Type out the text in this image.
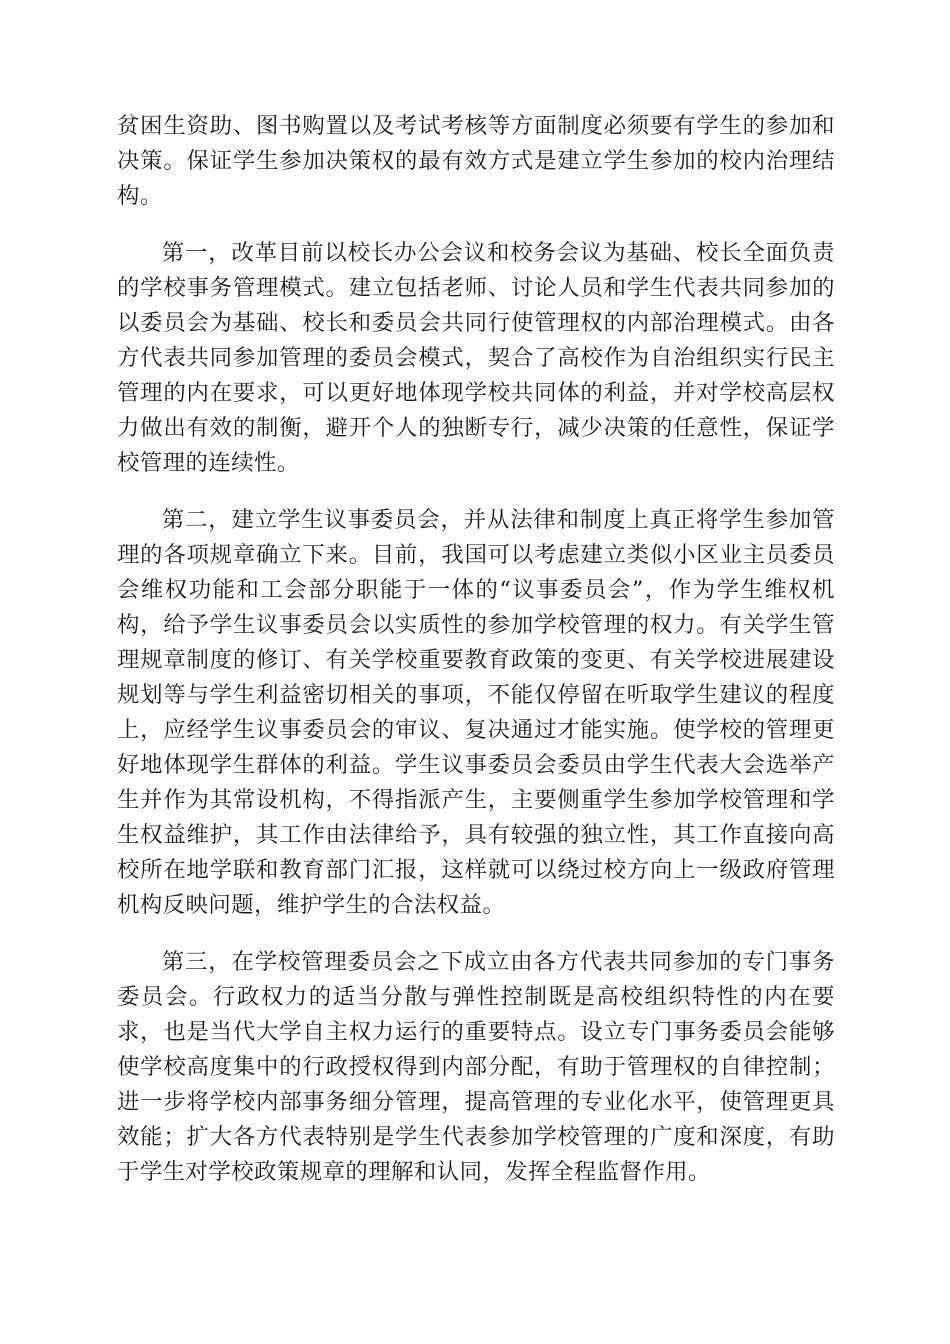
贫困生资助、图书购置以及考试考核等方面制度必须要有学生的参加和决策。保证学生参加决策权的最有效方式是建立学生参加的校内治理结构。

第一，改革目前以校长办公会议和校务会议为基础、校长全面负责的学校事务管理模式。建立包括老师、讨论人员和学生代表共同参加的以委员会为基础、校长和委员会共同行使管理权的内部治理模式。由各方代表共同参加管理的委员会模式，契合了高校作为自治组织实行民主管理的内在要求，可以更好地体现学校共同体的利益，并对学校高层权力做出有效的制衡，避开个人的独断专行，减少决策的任意性，保证学校管理的连续性。

第二，建立学生议事委员会，并从法律和制度上真正将学生参加管理的各项规章确立下来。目前，我国可以考虑建立类似小区业主员委员会维权功能和工会部分职能于一体的“议事委员会”，作为学生维权机构，给予学生议事委员会以实质性的参加学校管理的权力。有关学生管理规章制度的修订、有关学校重要教育政策的变更、有关学校进展建设规划等与学生利益密切相关的事项，不能仅停留在听取学生建议的程度上，应经学生议事委员会的审议、复决通过才能实施。使学校的管理更好地体现学生群体的利益。学生议事委员会委员由学生代表大会选举产生并作为其常设机构，不得指派产生，主要侧重学生参加学校管理和学生权益维护，其工作由法律给予，具有较强的独立性，其工作直接向高校所在地学联和教育部门汇报，这样就可以绕过校方向上一级政府管理机构反映问题，维护学生的合法权益。

第三，在学校管理委员会之下成立由各方代表共同参加的专门事务委员会。行政权力的适当分散与弹性控制既是高校组织特性的内在要求，也是当代大学自主权力运行的重要特点。设立专门事务委员会能够使学校高度集中的行政授权得到内部分配，有助于管理权的自律控制；进一步将学校内部事务细分管理，提高管理的专业化水平，使管理更具效能；扩大各方代表特别是学生代表参加学校管理的广度和深度，有助于学生对学校政策规章的理解和认同，发挥全程监督作用。
